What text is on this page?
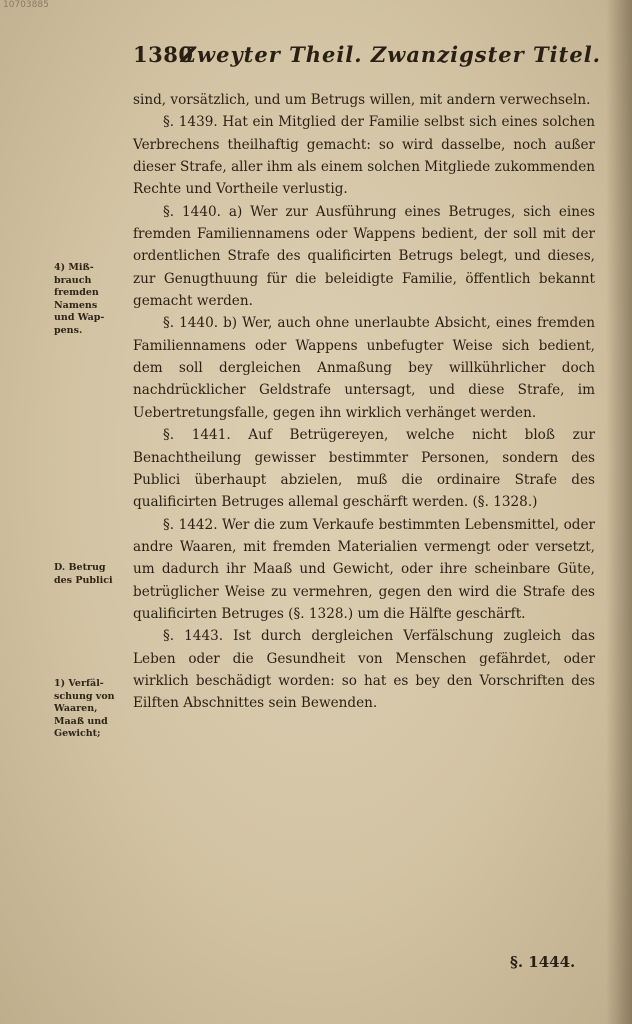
10703885
1380
Zweyter Theil. Zwanzigster Titel.

sind, vorsätzlich, und um Betrugs willen, mit andern verwechseln.

§. 1439. Hat ein Mitglied der Familie selbst sich eines solchen Verbrechens theilhaftig gemacht: so wird dasselbe, noch außer dieser Strafe, aller ihm als einem solchen Mitgliede zukommenden Rechte und Vortheile verlustig.

§. 1440. a) Wer zur Ausführung eines Betruges, sich eines fremden Familiennamens oder Wappens bedient, der soll mit der ordentlichen Strafe des qualificirten Betrugs belegt, und dieses, zur Genugthuung für die beleidigte Familie, öffentlich bekannt gemacht werden.

§. 1440. b) Wer, auch ohne unerlaubte Absicht, eines fremden Familiennamens oder Wappens unbefugter Weise sich bedient, dem soll dergleichen Anmaßung bey willkührlicher doch nachdrücklicher Geldstrafe untersagt, und diese Strafe, im Uebertretungsfalle, gegen ihn wirklich verhänget werden.

§. 1441. Auf Betrügereyen, welche nicht bloß zur Benachtheilung gewisser bestimmter Personen, sondern des Publici überhaupt abzielen, muß die ordinaire Strafe des qualificirten Betruges allemal geschärft werden. (§. 1328.)

§. 1442. Wer die zum Verkaufe bestimmten Lebensmittel, oder andre Waaren, mit fremden Materialien vermengt oder versetzt, um dadurch ihr Maaß und Gewicht, oder ihre scheinbare Güte, betrüglicher Weise zu vermehren, gegen den wird die Strafe des qualificirten Betruges (§. 1328.) um die Hälfte geschärft.

§. 1443. Ist durch dergleichen Verfälschung zugleich das Leben oder die Gesundheit von Menschen gefährdet, oder wirklich beschädigt worden: so hat es bey den Vorschriften des Eilften Abschnittes sein Bewenden.

4) Miß-
brauch
fremden
Namens
und Wap-
pens.
D. Betrug
des Publici
1) Verfäl-
schung von
Waaren,
Maaß und
Gewicht;
§. 1444.
